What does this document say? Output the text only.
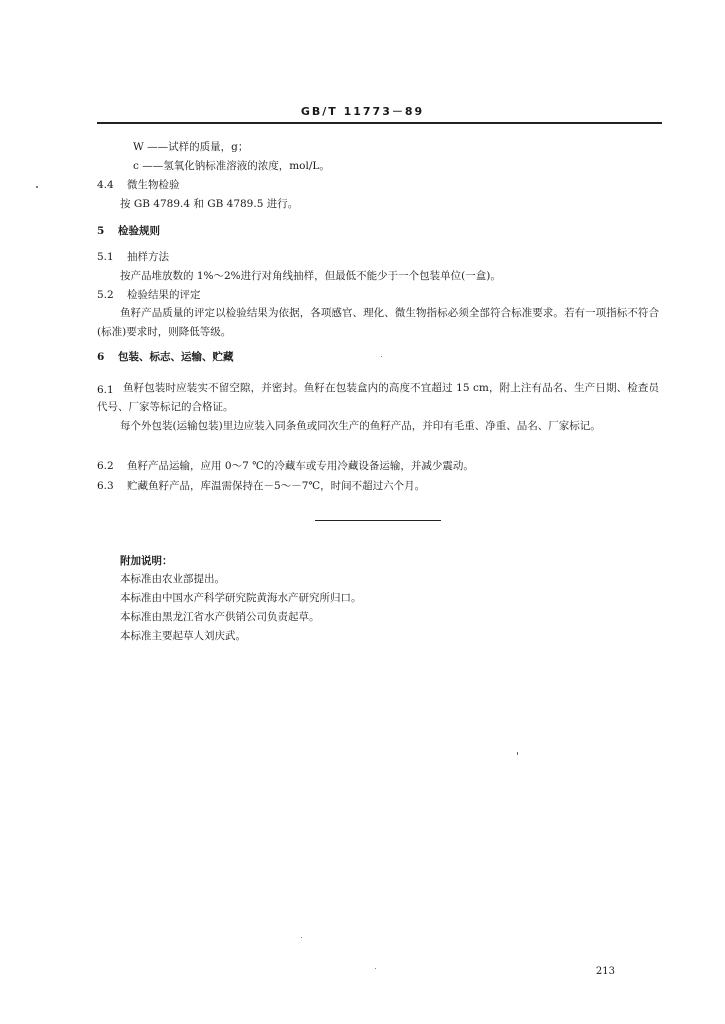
GB/T 11773－89
W ——试样的质量，g；
c ——氢氧化钠标准溶液的浓度，mol/L。
4.4 微生物检验
按 GB 4789.4 和 GB 4789.5 进行。
5 检验规则
5.1 抽样方法
按产品堆放数的 1%～2%进行对角线抽样，但最低不能少于一个包装单位(一盒)。
5.2 检验结果的评定
鱼籽产品质量的评定以检验结果为依据，各项感官、理化、微生物指标必须全部符合标准要求。若有一项指标不符合(标准)要求时，则降低等级。
6 包装、标志、运输、贮藏
6.1 鱼籽包装时应装实不留空隙，并密封。鱼籽在包装盒内的高度不宜超过 15 cm，附上注有品名、生产日期、检查员代号、厂家等标记的合格证。
每个外包装(运输包装)里边应装入同条鱼或同次生产的鱼籽产品，并印有毛重、净重、品名、厂家标记。
6.2 鱼籽产品运输，应用 0～7 ℃的冷藏车或专用冷藏设备运输，并减少震动。
6.3 贮藏鱼籽产品，库温需保持在－5～－7℃，时间不超过六个月。
附加说明：
本标准由农业部提出。
本标准由中国水产科学研究院黄海水产研究所归口。
本标准由黑龙江省水产供销公司负责起草。
本标准主要起草人刘庆武。
213
